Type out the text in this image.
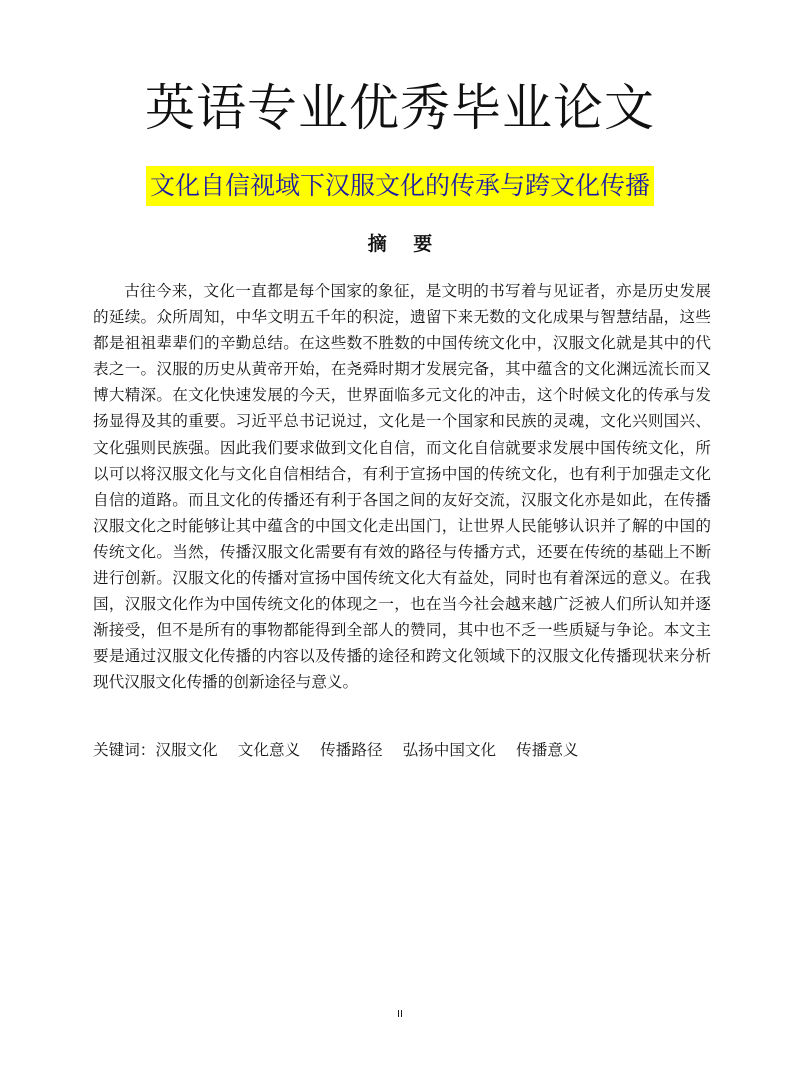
英语专业优秀毕业论文
文化自信视域下汉服文化的传承与跨文化传播
摘 要

古往今来，文化一直都是每个国家的象征，是文明的书写着与见证者，亦是历史发展的延续。众所周知，中华文明五千年的积淀，遗留下来无数的文化成果与智慧结晶，这些都是祖祖辈辈们的辛勤总结。在这些数不胜数的中国传统文化中，汉服文化就是其中的代表之一。汉服的历史从黄帝开始，在尧舜时期才发展完备，其中蕴含的文化渊远流长而又博大精深。在文化快速发展的今天，世界面临多元文化的冲击，这个时候文化的传承与发扬显得及其的重要。习近平总书记说过，文化是一个国家和民族的灵魂，文化兴则国兴、文化强则民族强。因此我们要求做到文化自信，而文化自信就要求发展中国传统文化，所以可以将汉服文化与文化自信相结合，有利于宣扬中国的传统文化，也有利于加强走文化自信的道路。而且文化的传播还有利于各国之间的友好交流，汉服文化亦是如此，在传播汉服文化之时能够让其中蕴含的中国文化走出国门，让世界人民能够认识并了解的中国的传统文化。当然，传播汉服文化需要有有效的路径与传播方式，还要在传统的基础上不断进行创新。汉服文化的传播对宣扬中国传统文化大有益处，同时也有着深远的意义。在我国，汉服文化作为中国传统文化的体现之一，也在当今社会越来越广泛被人们所认知并逐渐接受，但不是所有的事物都能得到全部人的赞同，其中也不乏一些质疑与争论。本文主要是通过汉服文化传播的内容以及传播的途径和跨文化领域下的汉服文化传播现状来分析现代汉服文化传播的创新途径与意义。

关键词：汉服文化 文化意义 传播路径 弘扬中国文化 传播意义
II
